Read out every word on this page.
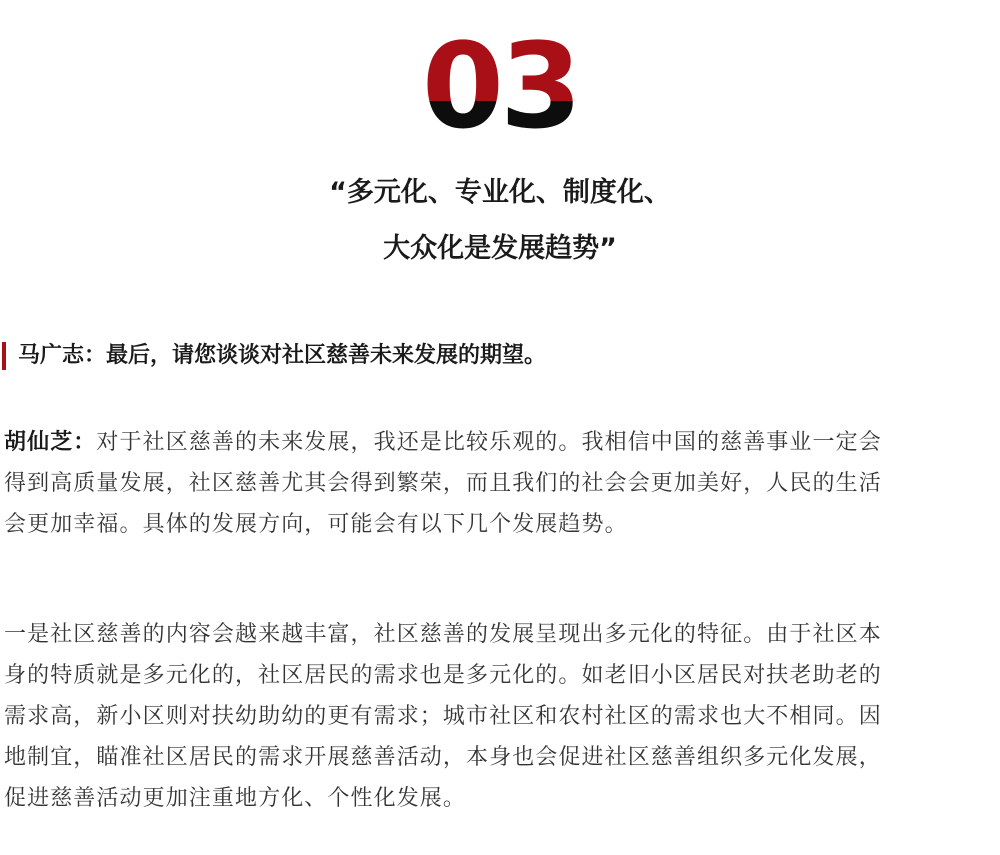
03
“多元化、专业化、制度化、
大众化是发展趋势”
马广志：最后，请您谈谈对社区慈善未来发展的期望。
胡仙芝：对于社区慈善的未来发展，我还是比较乐观的。我相信中国的慈善事业一定会
得到高质量发展，社区慈善尤其会得到繁荣，而且我们的社会会更加美好，人民的生活
会更加幸福。具体的发展方向，可能会有以下几个发展趋势。
一是社区慈善的内容会越来越丰富，社区慈善的发展呈现出多元化的特征。由于社区本
身的特质就是多元化的，社区居民的需求也是多元化的。如老旧小区居民对扶老助老的
需求高，新小区则对扶幼助幼的更有需求；城市社区和农村社区的需求也大不相同。因
地制宜，瞄准社区居民的需求开展慈善活动，本身也会促进社区慈善组织多元化发展，
促进慈善活动更加注重地方化、个性化发展。
